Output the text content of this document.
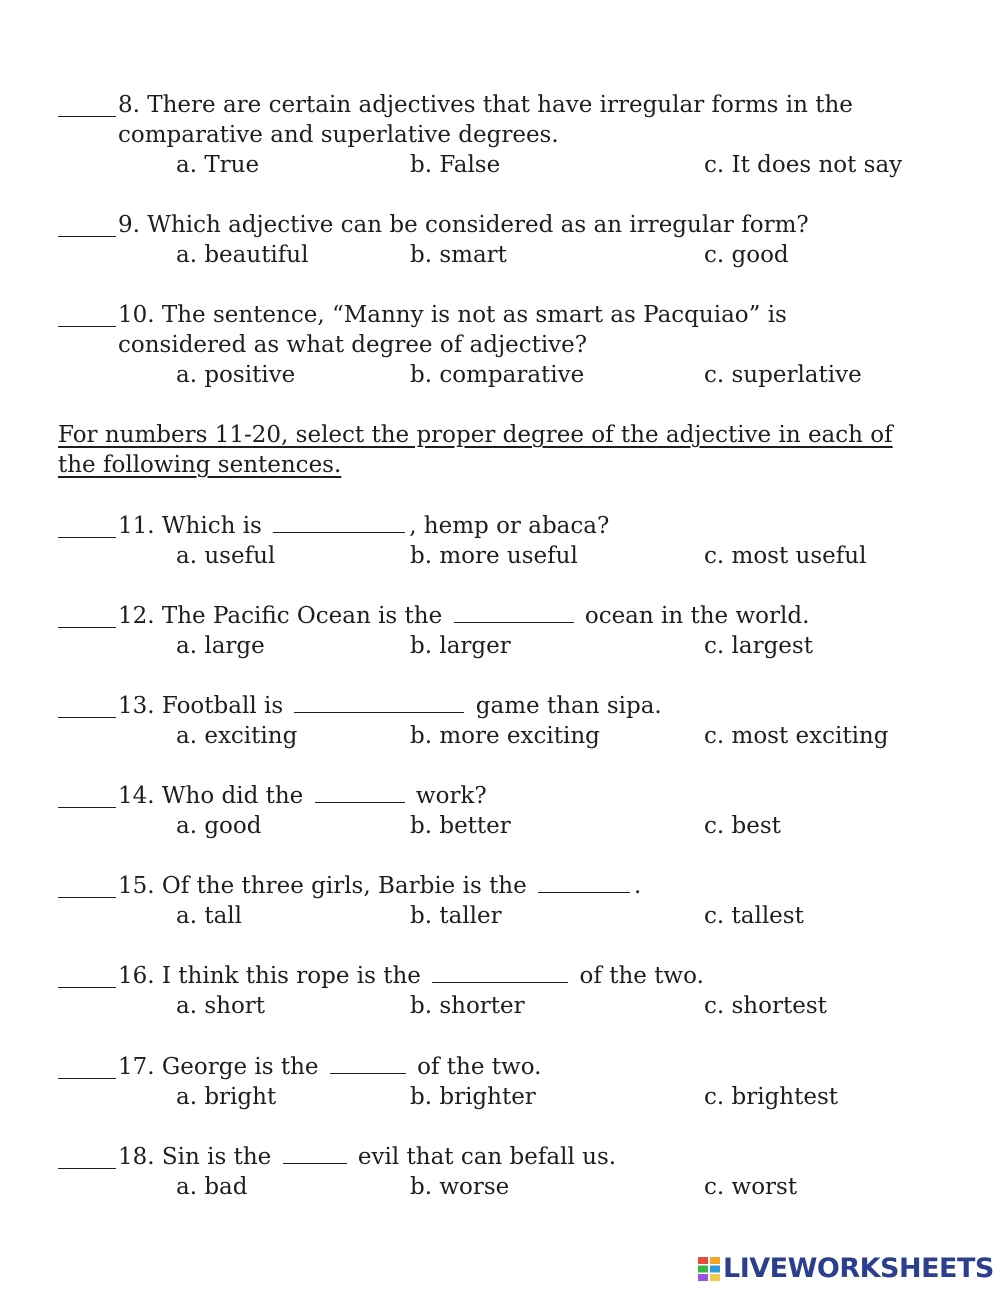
8. There are certain adjectives that have irregular forms in the
comparative and superlative degrees.
a. True	b. False	c. It does not say
9. Which adjective can be considered as an irregular form?
a. beautiful	b. smart	c. good
10. The sentence, “Manny is not as smart as Pacquiao” is
considered as what degree of adjective?
a. positive	b. comparative	c. superlative
11. Which is	, hemp or abaca?
a. useful	b. more useful	c. most useful
12. The Pacific Ocean is the	ocean in the world.
a. large	b. larger	c. largest
13. Football is	game than sipa.
a. exciting	b. more exciting	c. most exciting
14. Who did the	work?
a. good	b. better	c. best
15. Of the three girls, Barbie is the	.
a. tall	b. taller	c. tallest
16. I think this rope is the	of the two.
a. short	b. shorter	c. shortest
17. George is the	of the two.
a. bright	b. brighter	c. brightest
18. Sin is the	evil that can befall us.
a. bad	b. worse	c. worst
For numbers 11-20, select the proper degree of the adjective in each of
the following sentences.
LIVEWORKSHEETS
